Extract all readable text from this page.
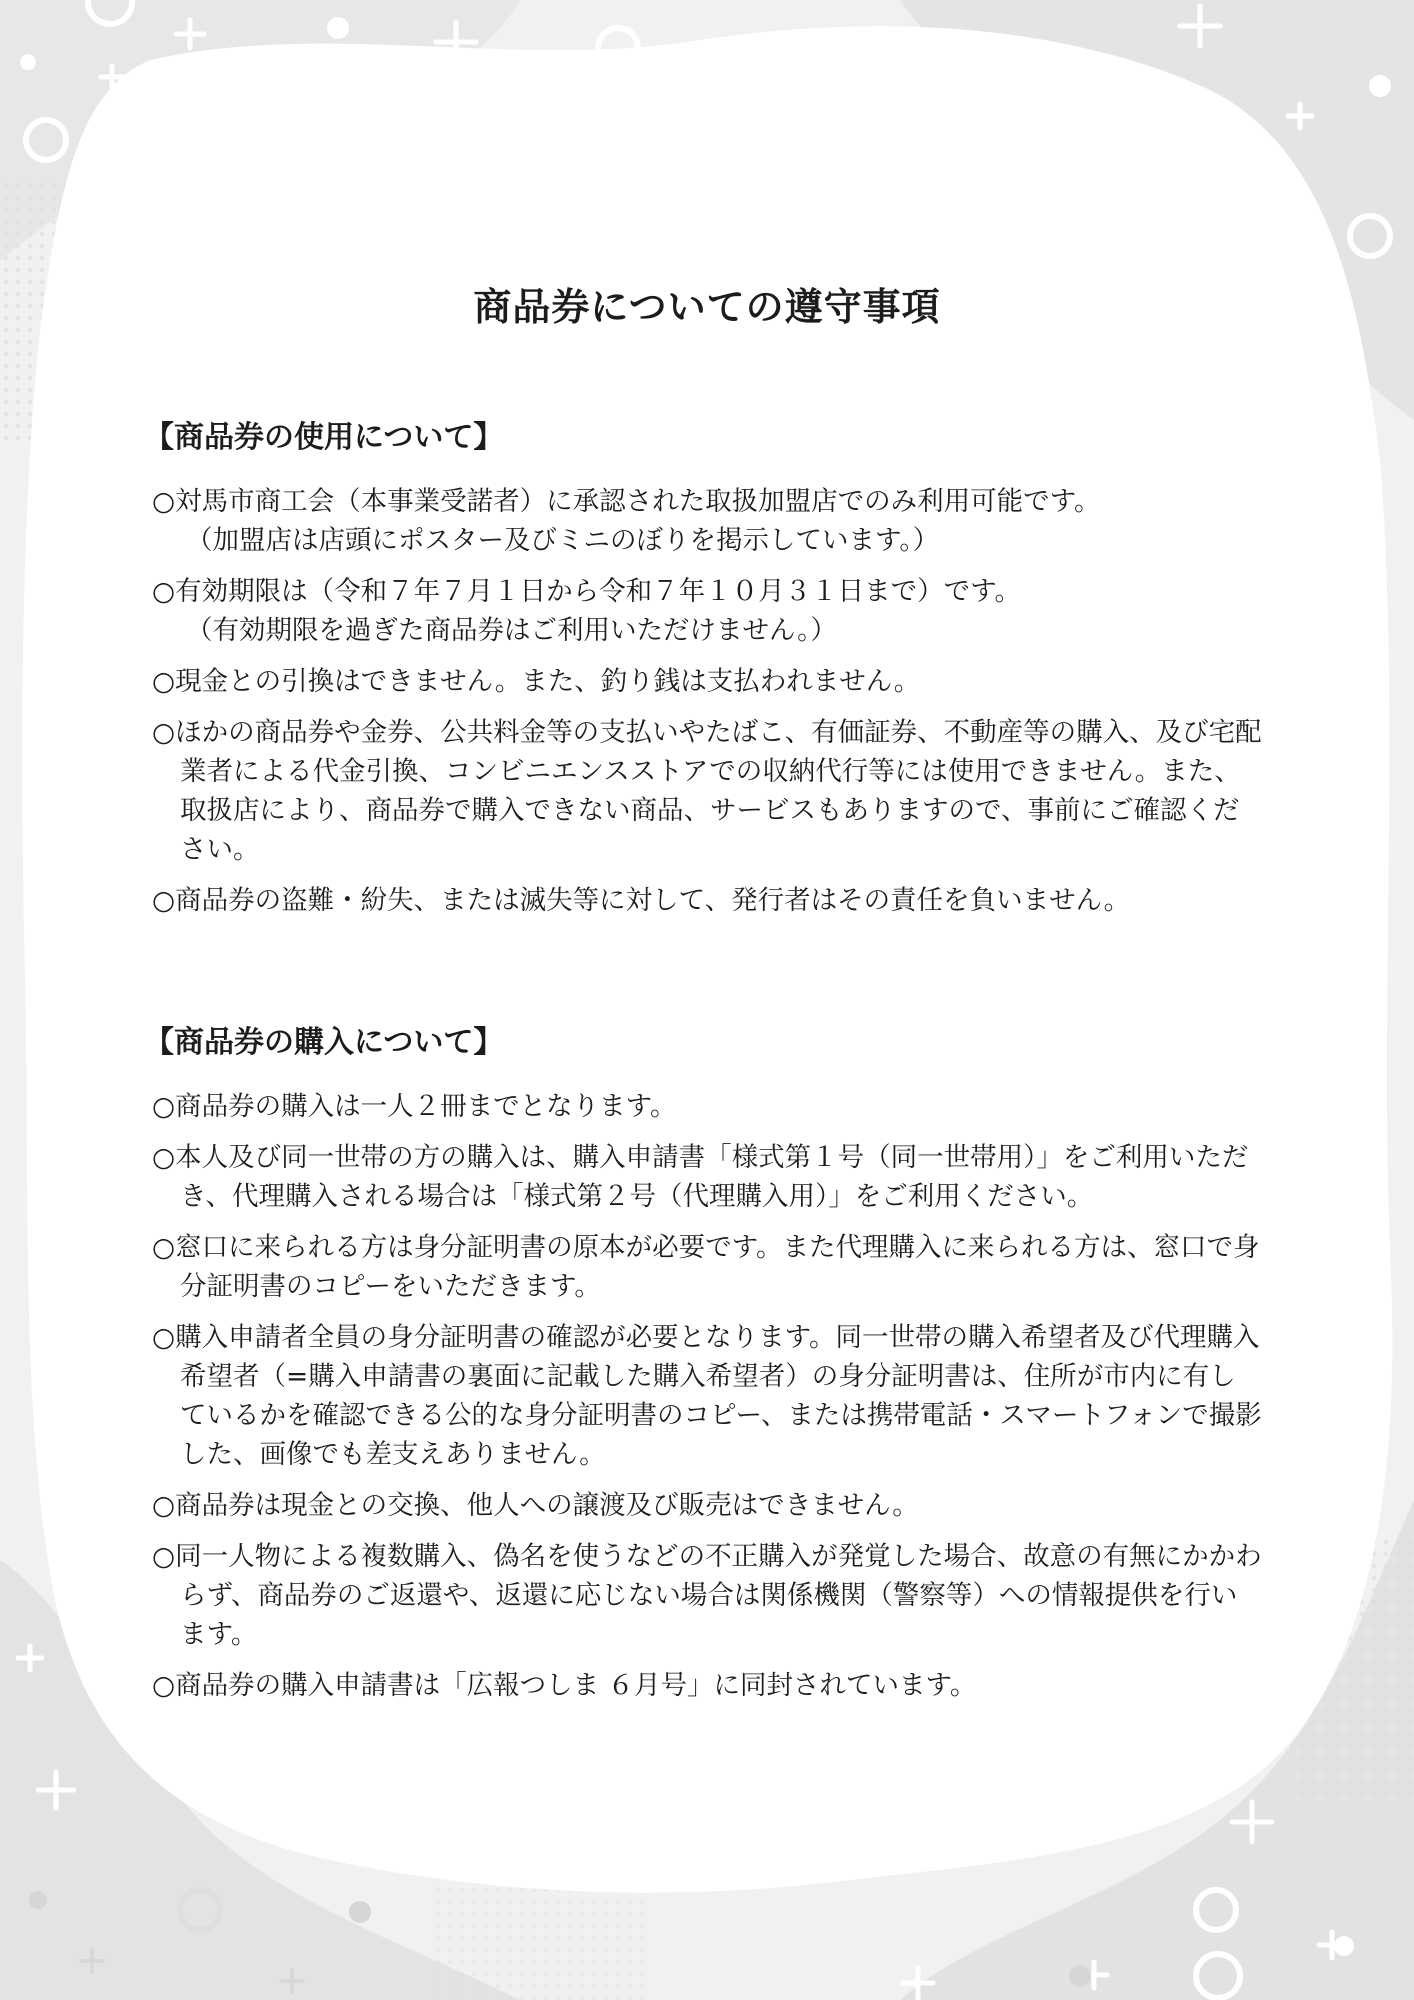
商品券についての遵守事項
【商品券の使用について】

○対馬市商工会（本事業受諾者）に承認された取扱加盟店でのみ利用可能です。
（加盟店は店頭にポスター及びミニのぼりを掲示しています。）

○有効期限は（令和７年７月１日から令和７年１０月３１日まで）です。
（有効期限を過ぎた商品券はご利用いただけません。）

○現金との引換はできません。また、釣り銭は支払われません。

○ほかの商品券や金券、公共料金等の支払いやたばこ、有価証券、不動産等の購入、及び宅配業者による代金引換、コンビニエンスストアでの収納代行等には使用できません。また、取扱店により、商品券で購入できない商品、サービスもありますので、事前にご確認ください。

○商品券の盗難・紛失、または滅失等に対して、発行者はその責任を負いません。

【商品券の購入について】

○商品券の購入は一人２冊までとなります。

○本人及び同一世帯の方の購入は、購入申請書「様式第１号（同一世帯用）」をご利用いただき、代理購入される場合は「様式第２号（代理購入用）」をご利用ください。

○窓口に来られる方は身分証明書の原本が必要です。また代理購入に来られる方は、窓口で身分証明書のコピーをいただきます。

○購入申請者全員の身分証明書の確認が必要となります。同一世帯の購入希望者及び代理購入希望者（=購入申請書の裏面に記載した購入希望者）の身分証明書は、住所が市内に有しているかを確認できる公的な身分証明書のコピー、または携帯電話・スマートフォンで撮影した、画像でも差支えありません。

○商品券は現金との交換、他人への譲渡及び販売はできません。

○同一人物による複数購入、偽名を使うなどの不正購入が発覚した場合、故意の有無にかかわらず、商品券のご返還や、返還に応じない場合は関係機関（警察等）への情報提供を行います。

○商品券の購入申請書は「広報つしま ６月号」に同封されています。
